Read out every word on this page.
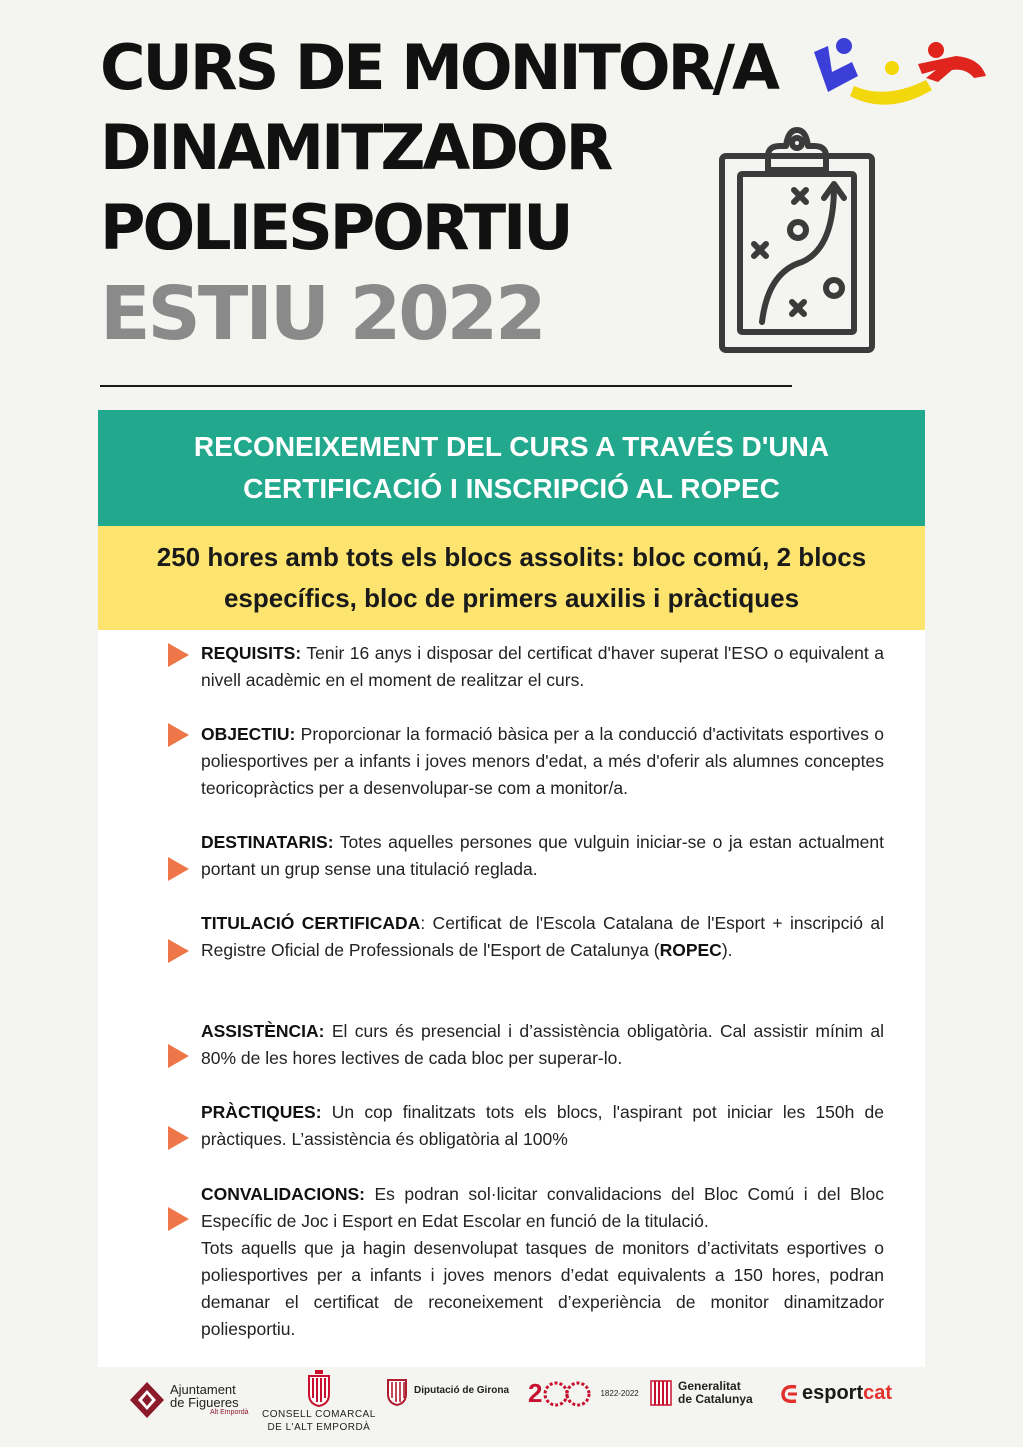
CURS DE MONITOR/A
DINAMITZADOR
POLIESPORTIU
ESTIU 2022
RECONEIXEMENT DEL CURS A TRAVÉS D'UNA CERTIFICACIÓ I INSCRIPCIÓ AL ROPEC
250 hores amb tots els blocs assolits: bloc comú, 2 blocs específics, bloc de primers auxilis i pràctiques
REQUISITS: Tenir 16 anys i disposar del certificat d'haver superat l'ESO o equivalent a nivell acadèmic en el moment de realitzar el curs.
OBJECTIU: Proporcionar la formació bàsica per a la conducció d'activitats esportives o poliesportives per a infants i joves menors d'edat, a més d'oferir als alumnes conceptes teoricopràctics per a desenvolupar-se com a monitor/a.
DESTINATARIS: Totes aquelles persones que vulguin iniciar-se o ja estan actualment portant un grup sense una titulació reglada.
TITULACIÓ CERTIFICADA: Certificat de l'Escola Catalana de l'Esport + inscripció al Registre Oficial de Professionals de l'Esport de Catalunya (ROPEC).
ASSISTÈNCIA: El curs és presencial i d’assistència obligatòria. Cal assistir mínim al 80% de les hores lectives de cada bloc per superar-lo.
PRÀCTIQUES: Un cop finalitzats tots els blocs, l'aspirant pot iniciar les 150h de pràctiques. L’assistència és obligatòria al 100%
CONVALIDACIONS: Es podran sol·licitar convalidacions del Bloc Comú i del Bloc Específic de Joc i Esport en Edat Escolar en funció de la titulació.
Tots aquells que ja hagin desenvolupat tasques de monitors d’activitats esportives o poliesportives per a infants i joves menors d’edat equivalents a 150 hores, podran demanar el certificat de reconeixement d’experiència de monitor dinamitzador poliesportiu.
Ajuntament
de Figueres
Alt Empordà CONSELL COMARCAL
DE L'ALT EMPORDÀ
Diputació de Girona 2	1822-2022	Generalitat
de Catalunya esportcat
